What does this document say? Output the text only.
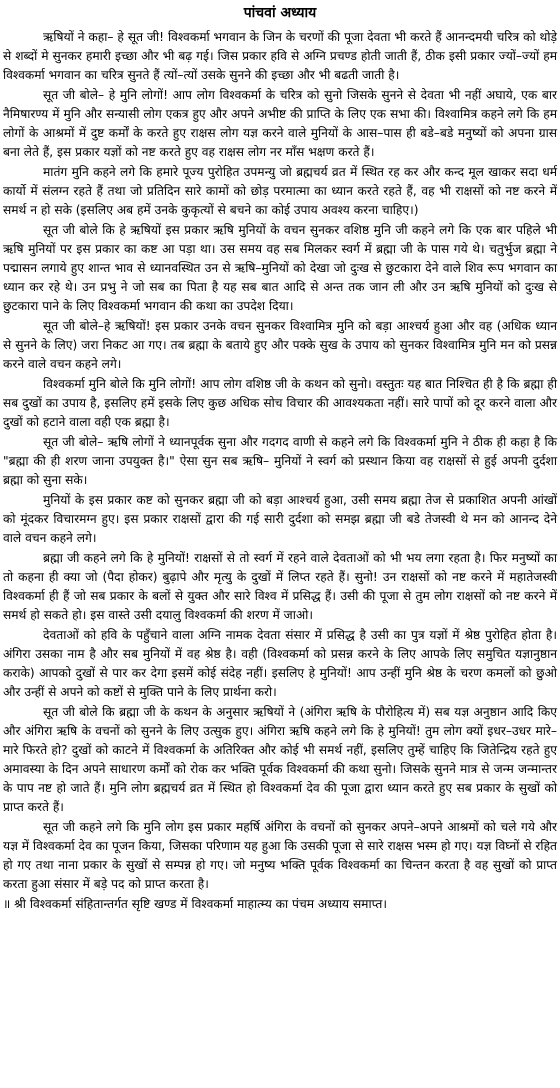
पांचवां अध्याय

ऋषियों ने कहा– हे सूत जी! विश्वकर्मा भगवान के जिन के चरणों की पूजा देवता भी करते हैं आनन्दमयी चरित्र को थोड़े से शब्दों मे सुनकर हमारी इच्छा और भी बढ़ गई। जिस प्रकार हवि से अग्नि प्रचण्ड होती जाती हैं, ठीक इसी प्रकार ज्यों–ज्यों हम विश्वकर्मा भगवान का चरित्र सुनते हैं त्यों–त्यों उसके सुनने की इच्छा और भी बढती जाती है।

सूत जी बोले– हे मुनि लोगों! आप लोग विश्वकर्मा के चरित्र को सुनो जिसके सुनने से देवता भी नहीं अघाये, एक बार नैमिषारण्य में मुनि और सन्यासी लोग एकत्र हुए और अपने अभीष्ट की प्राप्ति के लिए एक सभा की। विश्वामित्र कहने लगे कि हम लोगों के आश्रमों में दुष्ट कर्मों के करते हुए राक्षस लोग यज्ञ करने वाले मुनियों के आस–पास ही बडे–बडे मनुष्यों को अपना ग्रास बना लेते हैं, इस प्रकार यज्ञों को नष्ट करते हुए वह राक्षस लोग नर माँस भक्षण करते हैं।

मातंग मुनि कहने लगे कि हमारे पूज्य पुरोहित उपमन्यु जो ब्रह्मचर्य व्रत में स्थित रह कर और कन्द मूल खाकर सदा धर्म कार्यो में संलग्न रहते हैं तथा जो प्रतिदिन सारे कामों को छोड़ परमात्मा का ध्यान करते रहते हैं, वह भी राक्षसों को नष्ट करने में समर्थ न हो सके (इसलिए अब हमें उनके कुकृत्यों से बचने का कोई उपाय अवश्य करना चाहिए।)

सूत जी बोले कि हे ऋषियों इस प्रकार ऋषि मुनियों के वचन सुनकर वशिष्ठ मुनि जी कहने लगे कि एक बार पहिले भी ऋषि मुनियों पर इस प्रकार का कष्ट आ पड़ा था। उस समय वह सब मिलकर स्वर्ग में ब्रह्मा जी के पास गये थे। चतुर्भुज ब्रह्मा ने पद्मासन लगाये हुए शान्त भाव से ध्यानवस्थित उन से ऋषि–मुनियों को देखा जो दुःख से छुटकारा देने वाले शिव रूप भगवान का ध्यान कर रहे थे। उन प्रभु ने जो सब का पिता है यह सब बात आदि से अन्त तक जान ली और उन ऋषि मुनियों को दुःख से छुटकारा पाने के लिए विश्वकर्मा भगवान की कथा का उपदेश दिया।

सूत जी बोले–हे ऋषियों! इस प्रकार उनके वचन सुनकर विश्वामित्र मुनि को बड़ा आश्चर्य हुआ और वह (अधिक ध्यान से सुनने के लिए) जरा निकट आ गए। तब ब्रह्मा के बताये हुए और पक्के सुख के उपाय को सुनकर विश्वामित्र मुनि मन को प्रसन्न करने वाले वचन कहने लगे।

विश्वकर्मा मुनि बोले कि मुनि लोगों! आप लोग वशिष्ठ जी के कथन को सुनो। वस्तुतः यह बात निश्चित ही है कि ब्रह्मा ही सब दुखों का उपाय है, इसलिए हमें इसके लिए कुछ अधिक सोच विचार की आवश्यकता नहीं। सारे पापों को दूर करने वाला और दुखों को हटाने वाला वही एक ब्रह्मा है।

सूत जी बोले– ऋषि लोगों ने ध्यानपूर्वक सुना और गदगद वाणी से कहने लगे कि विश्वकर्मा मुनि ने ठीक ही कहा है कि "ब्रह्मा की ही शरण जाना उपयुक्त है।" ऐसा सुन सब ऋषि– मुनियों ने स्वर्ग को प्रस्थान किया वह राक्षसों से हुई अपनी दुर्दशा ब्रह्मा को सुना सके।

मुनियों के इस प्रकार कष्ट को सुनकर ब्रह्मा जी को बड़ा आश्चर्य हुआ, उसी समय ब्रह्मा तेज से प्रकाशित अपनी आंखों को मूंदकर विचारमग्न हुए। इस प्रकार राक्षसों द्वारा की गई सारी दुर्दशा को समझ ब्रह्मा जी बडे तेजस्वी थे मन को आनन्द देने वाले वचन कहने लगे।

ब्रह्मा जी कहने लगे कि हे मुनियों! राक्षसों से तो स्वर्ग में रहने वाले देवताओं को भी भय लगा रहता है। फिर मनुष्यों का तो कहना ही क्या जो (पैदा होकर) बुढ़ापे और मृत्यु के दुखों में लिप्त रहते हैं। सुनो! उन राक्षसों को नष्ट करने में महातेजस्वी विश्वकर्मा ही हैं जो सब प्रकार के बलों से युक्त और सारे विश्व में प्रसिद्ध हैं। उसी की पूजा से तुम लोग राक्षसों को नष्ट करने में समर्थ हो सकते हो। इस वास्ते उसी दयालु विश्वकर्मा की शरण में जाओ।

देवताओं को हवि के पहुँचाने वाला अग्नि नामक देवता संसार में प्रसिद्ध है उसी का पुत्र यज्ञों में श्रेष्ठ पुरोहित होता है। अंगिरा उसका नाम है और सब मुनियों में वह श्रेष्ठ है। वही (विश्वकर्मा को प्रसन्न करने के लिए आपके लिए समुचित यज्ञानुष्ठान कराके) आपको दुखों से पार कर देगा इसमें कोई संदेह नहीं। इसलिए हे मुनियों! आप उन्हीं मुनि श्रेष्ठ के चरण कमलों को छुओ और उन्हीं से अपने को कष्टों से मुक्ति पाने के लिए प्रार्थना करो।

सूत जी बोले कि ब्रह्मा जी के कथन के अनुसार ऋषियों ने (अंगिरा ऋषि के पौरोहित्य में) सब यज्ञ अनुष्ठान आदि किए और अंगिरा ऋषि के वचनों को सुनने के लिए उत्सुक हुए। अंगिरा ऋषि कहने लगे कि हे मुनियों! तुम लोग क्यों इधर–उधर मारे–मारे फिरते हो? दुखों को काटने में विश्वकर्मा के अतिरिक्त और कोई भी समर्थ नहीं, इसलिए तुम्हें चाहिए कि जितेन्द्रिय रहते हुए अमावस्या के दिन अपने साधारण कर्मों को रोक कर भक्ति पूर्वक विश्वकर्मा की कथा सुनो। जिसके सुनने मात्र से जन्म जन्मान्तर के पाप नष्ट हो जाते हैं। मुनि लोग ब्रह्मचर्य व्रत में स्थित हो विश्वकर्मा देव की पूजा द्वारा ध्यान करते हुए सब प्रकार के सुखों को प्राप्त करते हैं।

सूत जी कहने लगे कि मुनि लोग इस प्रकार महर्षि अंगिरा के वचनों को सुनकर अपने–अपने आश्रमों को चले गये और यज्ञ में विश्वकर्मा देव का पूजन किया, जिसका परिणाम यह हुआ कि उसकी पूजा से सारे राक्षस भस्म हो गए। यज्ञ विघ्नों से रहित हो गए तथा नाना प्रकार के सुखों से सम्पन्न हो गए। जो मनुष्य भक्ति पूर्वक विश्वकर्मा का चिन्तन करता है वह सुखों को प्राप्त करता हुआ संसार में बड़े पद को प्राप्त करता है।

॥ श्री विश्वकर्मा संहितान्तर्गत सृष्टि खण्ड में विश्वकर्मा माहात्म्य का पंचम अध्याय समाप्त।
